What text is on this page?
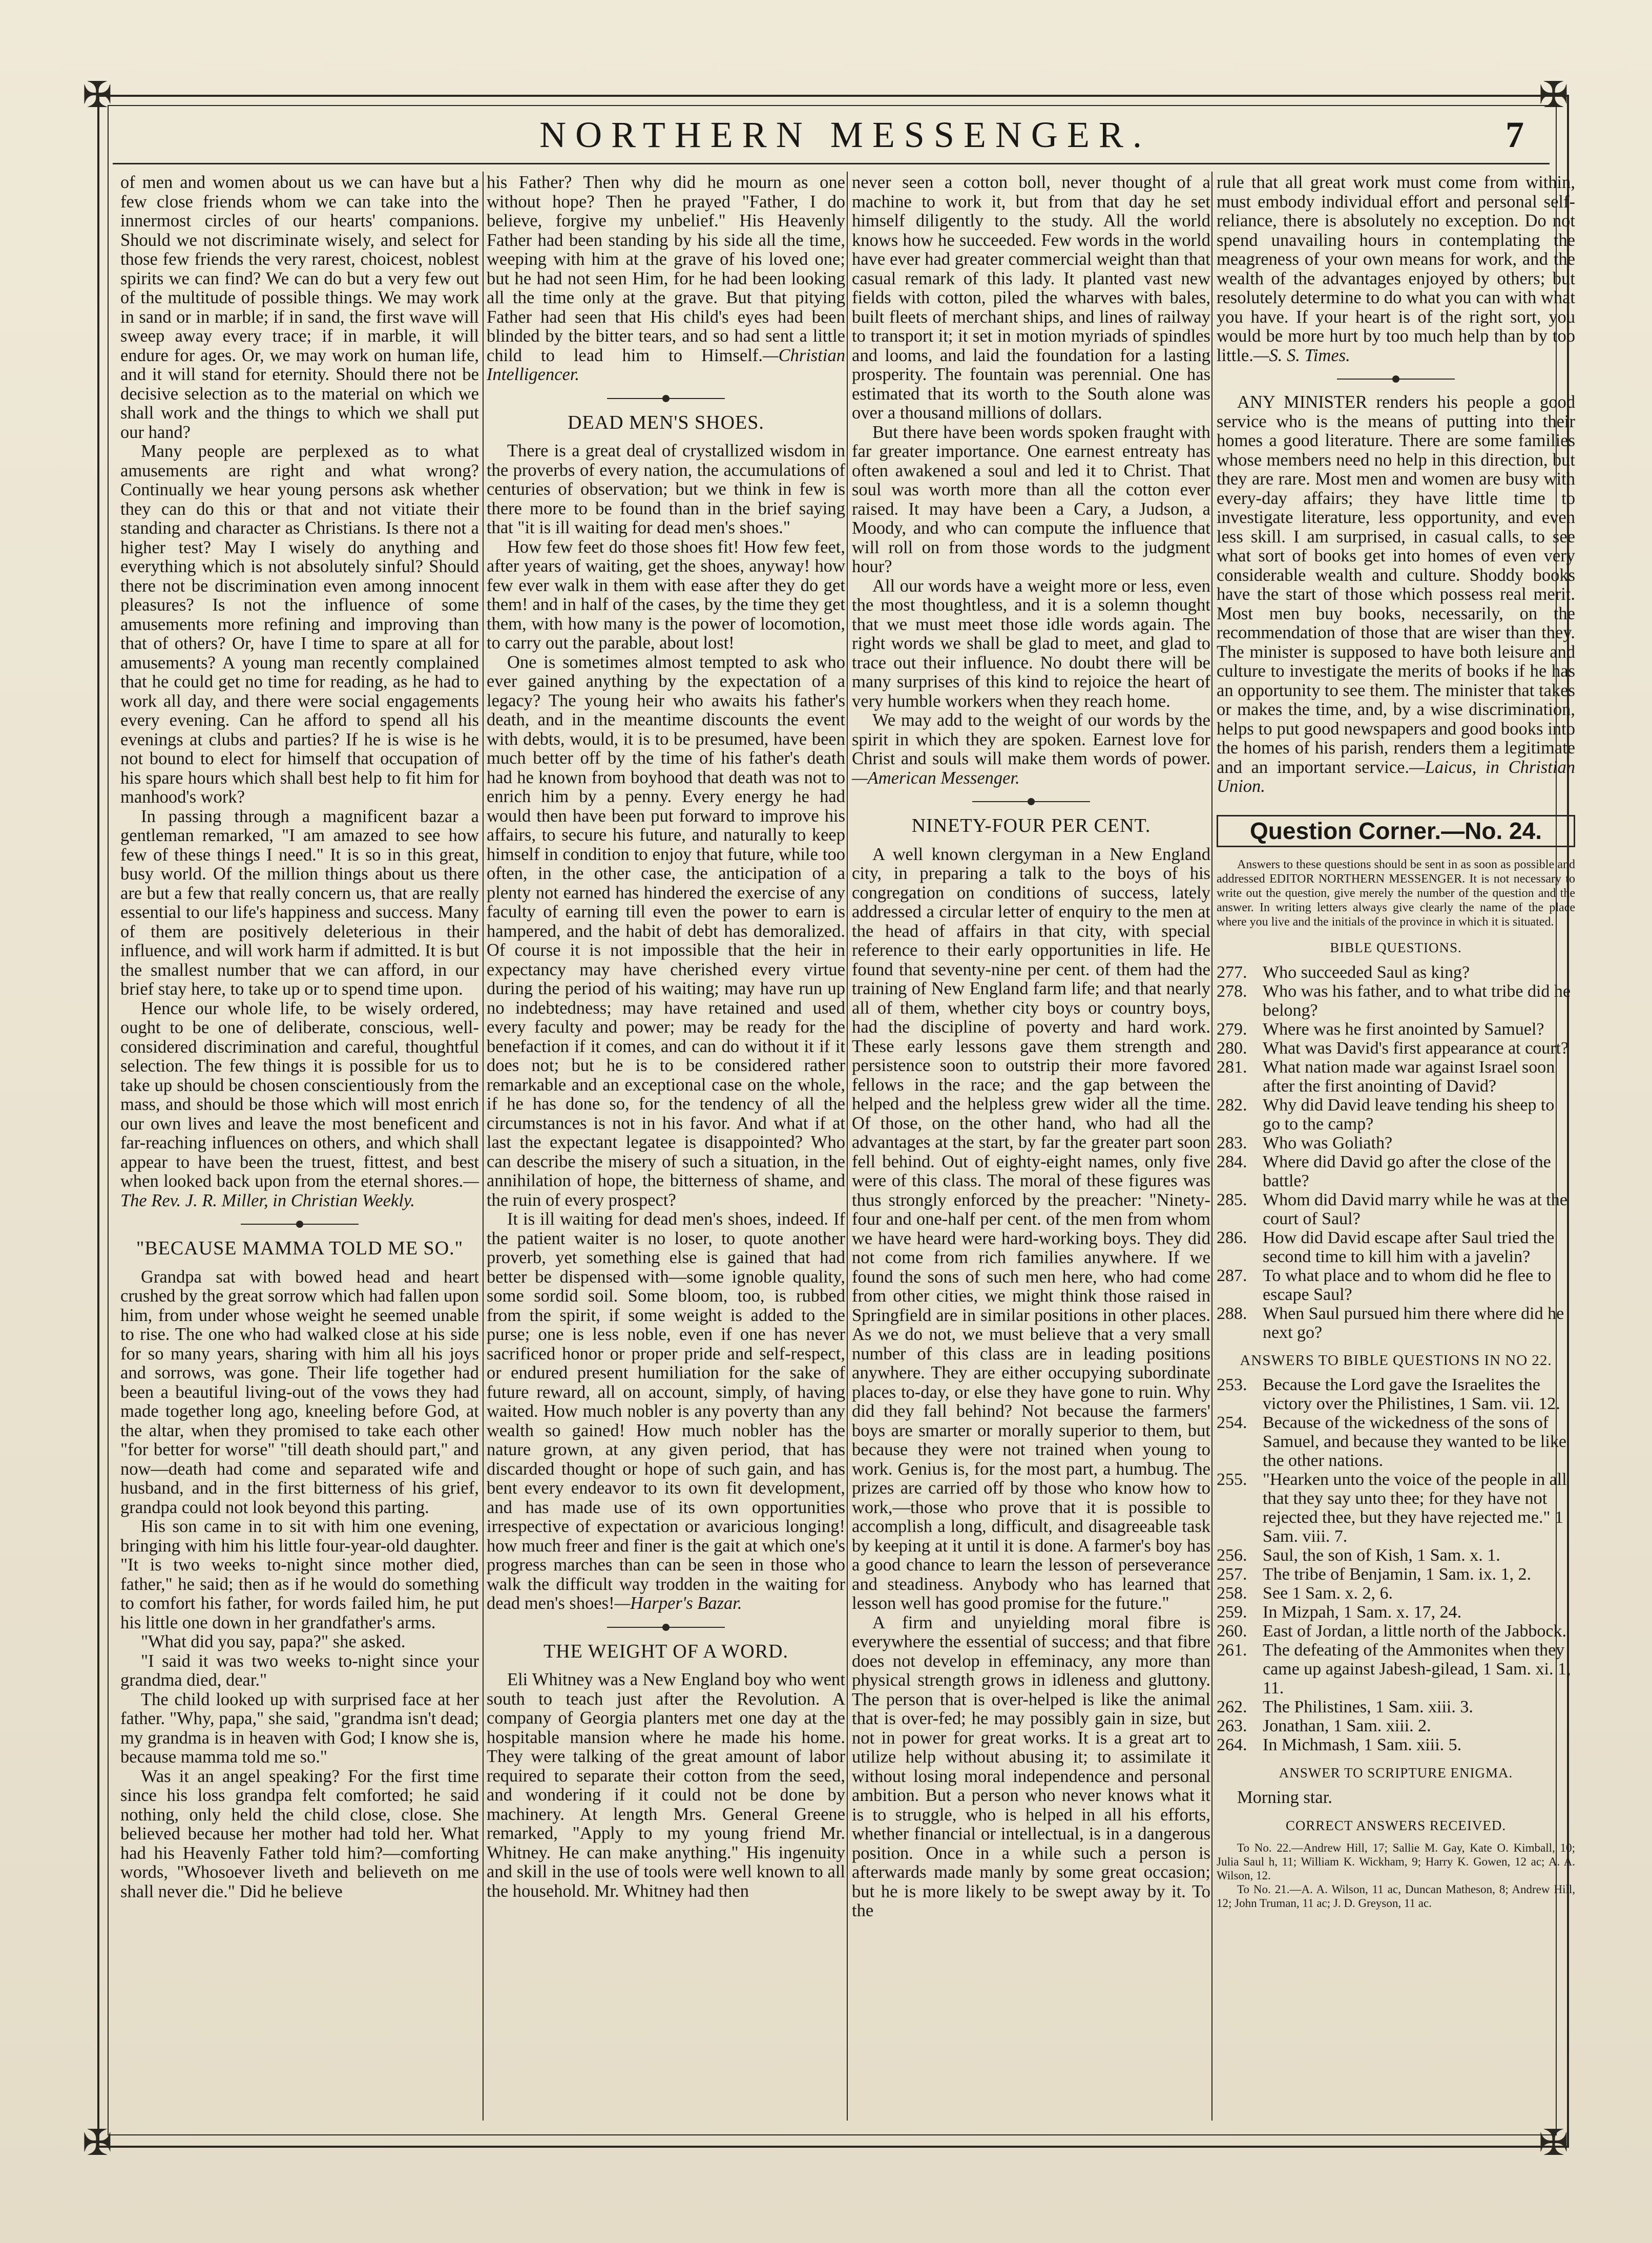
✠	✠
✠	✠
NORTHERN MESSENGER.	7

of men and women about us we can have but a few close friends whom we can take into the innermost circles of our hearts' companions. Should we not discriminate wisely, and select for those few friends the very rarest, choicest, noblest spirits we can find? We can do but a very few out of the multitude of possible things. We may work in sand or in marble; if in sand, the first wave will sweep away every trace; if in marble, it will endure for ages. Or, we may work on human life, and it will stand for eternity. Should there not be decisive selection as to the material on which we shall work and the things to which we shall put our hand?

Many people are perplexed as to what amusements are right and what wrong? Continually we hear young persons ask whether they can do this or that and not vitiate their standing and character as Christians. Is there not a higher test? May I wisely do anything and everything which is not absolutely sinful? Should there not be discrimination even among innocent pleasures? Is not the influence of some amusements more refining and improving than that of others? Or, have I time to spare at all for amusements? A young man recently complained that he could get no time for reading, as he had to work all day, and there were social engagements every evening. Can he afford to spend all his evenings at clubs and parties? If he is wise is he not bound to elect for himself that occupation of his spare hours which shall best help to fit him for manhood's work?

In passing through a magnificent bazar a gentleman remarked, "I am amazed to see how few of these things I need." It is so in this great, busy world. Of the million things about us there are but a few that really concern us, that are really essential to our life's happiness and success. Many of them are positively deleterious in their influence, and will work harm if admitted. It is but the smallest number that we can afford, in our brief stay here, to take up or to spend time upon.

Hence our whole life, to be wisely ordered, ought to be one of deliberate, conscious, well-considered discrimination and careful, thoughtful selection. The few things it is possible for us to take up should be chosen conscientiously from the mass, and should be those which will most enrich our own lives and leave the most beneficent and far-reaching influences on others, and which shall appear to have been the truest, fittest, and best when looked back upon from the eternal shores.—The Rev. J. R. Miller, in Christian Weekly.

"BECAUSE MAMMA TOLD ME SO."

Grandpa sat with bowed head and heart crushed by the great sorrow which had fallen upon him, from under whose weight he seemed unable to rise. The one who had walked close at his side for so many years, sharing with him all his joys and sorrows, was gone. Their life together had been a beautiful living-out of the vows they had made together long ago, kneeling before God, at the altar, when they promised to take each other "for better for worse" "till death should part," and now—death had come and separated wife and husband, and in the first bitterness of his grief, grandpa could not look beyond this parting.

His son came in to sit with him one evening, bringing with him his little four-year-old daughter. "It is two weeks to-night since mother died, father," he said; then as if he would do something to comfort his father, for words failed him, he put his little one down in her grandfather's arms.

"What did you say, papa?" she asked.

"I said it was two weeks to-night since your grandma died, dear."

The child looked up with surprised face at her father. "Why, papa," she said, "grandma isn't dead; my grandma is in heaven with God; I know she is, because mamma told me so."

Was it an angel speaking? For the first time since his loss grandpa felt comforted; he said nothing, only held the child close, close. She believed because her mother had told her. What had his Heavenly Father told him?—comforting words, "Whosoever liveth and believeth on me shall never die." Did he believe

his Father? Then why did he mourn as one without hope? Then he prayed "Father, I do believe, forgive my unbelief." His Heavenly Father had been standing by his side all the time, weeping with him at the grave of his loved one; but he had not seen Him, for he had been looking all the time only at the grave. But that pitying Father had seen that His child's eyes had been blinded by the bitter tears, and so had sent a little child to lead him to Himself.—Christian Intelligencer.

DEAD MEN'S SHOES.

There is a great deal of crystallized wisdom in the proverbs of every nation, the accumulations of centuries of observation; but we think in few is there more to be found than in the brief saying that "it is ill waiting for dead men's shoes."

How few feet do those shoes fit! How few feet, after years of waiting, get the shoes, anyway! how few ever walk in them with ease after they do get them! and in half of the cases, by the time they get them, with how many is the power of locomotion, to carry out the parable, about lost!

One is sometimes almost tempted to ask who ever gained anything by the expectation of a legacy? The young heir who awaits his father's death, and in the meantime discounts the event with debts, would, it is to be presumed, have been much better off by the time of his father's death had he known from boyhood that death was not to enrich him by a penny. Every energy he had would then have been put forward to improve his affairs, to secure his future, and naturally to keep himself in condition to enjoy that future, while too often, in the other case, the anticipation of a plenty not earned has hindered the exercise of any faculty of earning till even the power to earn is hampered, and the habit of debt has demoralized. Of course it is not impossible that the heir in expectancy may have cherished every virtue during the period of his waiting; may have run up no indebtedness; may have retained and used every faculty and power; may be ready for the benefaction if it comes, and can do without it if it does not; but he is to be considered rather remarkable and an exceptional case on the whole, if he has done so, for the tendency of all the circumstances is not in his favor. And what if at last the expectant legatee is disappointed? Who can describe the misery of such a situation, in the annihilation of hope, the bitterness of shame, and the ruin of every prospect?

It is ill waiting for dead men's shoes, indeed. If the patient waiter is no loser, to quote another proverb, yet something else is gained that had better be dispensed with—some ignoble quality, some sordid soil. Some bloom, too, is rubbed from the spirit, if some weight is added to the purse; one is less noble, even if one has never sacrificed honor or proper pride and self-respect, or endured present humiliation for the sake of future reward, all on account, simply, of having waited. How much nobler is any poverty than any wealth so gained! How much nobler has the nature grown, at any given period, that has discarded thought or hope of such gain, and has bent every endeavor to its own fit development, and has made use of its own opportunities irrespective of expectation or avaricious longing! how much freer and finer is the gait at which one's progress marches than can be seen in those who walk the difficult way trodden in the waiting for dead men's shoes!—Harper's Bazar.

THE WEIGHT OF A WORD.

Eli Whitney was a New England boy who went south to teach just after the Revolution. A company of Georgia planters met one day at the hospitable mansion where he made his home. They were talking of the great amount of labor required to separate their cotton from the seed, and wondering if it could not be done by machinery. At length Mrs. General Greene remarked, "Apply to my young friend Mr. Whitney. He can make anything." His ingenuity and skill in the use of tools were well known to all the household. Mr. Whitney had then

never seen a cotton boll, never thought of a machine to work it, but from that day he set himself diligently to the study. All the world knows how he succeeded. Few words in the world have ever had greater commercial weight than that casual remark of this lady. It planted vast new fields with cotton, piled the wharves with bales, built fleets of merchant ships, and lines of railway to transport it; it set in motion myriads of spindles and looms, and laid the foundation for a lasting prosperity. The fountain was perennial. One has estimated that its worth to the South alone was over a thousand millions of dollars.

But there have been words spoken fraught with far greater importance. One earnest entreaty has often awakened a soul and led it to Christ. That soul was worth more than all the cotton ever raised. It may have been a Cary, a Judson, a Moody, and who can compute the influence that will roll on from those words to the judgment hour?

All our words have a weight more or less, even the most thoughtless, and it is a solemn thought that we must meet those idle words again. The right words we shall be glad to meet, and glad to trace out their influence. No doubt there will be many surprises of this kind to rejoice the heart of very humble workers when they reach home.

We may add to the weight of our words by the spirit in which they are spoken. Earnest love for Christ and souls will make them words of power.—American Messenger.

NINETY-FOUR PER CENT.

A well known clergyman in a New England city, in preparing a talk to the boys of his congregation on conditions of success, lately addressed a circular letter of enquiry to the men at the head of affairs in that city, with special reference to their early opportunities in life. He found that seventy-nine per cent. of them had the training of New England farm life; and that nearly all of them, whether city boys or country boys, had the discipline of poverty and hard work. These early lessons gave them strength and persistence soon to outstrip their more favored fellows in the race; and the gap between the helped and the helpless grew wider all the time. Of those, on the other hand, who had all the advantages at the start, by far the greater part soon fell behind. Out of eighty-eight names, only five were of this class. The moral of these figures was thus strongly enforced by the preacher: "Ninety-four and one-half per cent. of the men from whom we have heard were hard-working boys. They did not come from rich families anywhere. If we found the sons of such men here, who had come from other cities, we might think those raised in Springfield are in similar positions in other places. As we do not, we must believe that a very small number of this class are in leading positions anywhere. They are either occupying subordinate places to-day, or else they have gone to ruin. Why did they fall behind? Not because the farmers' boys are smarter or morally superior to them, but because they were not trained when young to work. Genius is, for the most part, a humbug. The prizes are carried off by those who know how to work,—those who prove that it is possible to accomplish a long, difficult, and disagreeable task by keeping at it until it is done. A farmer's boy has a good chance to learn the lesson of perseverance and steadiness. Anybody who has learned that lesson well has good promise for the future."

A firm and unyielding moral fibre is everywhere the essential of success; and that fibre does not develop in effeminacy, any more than physical strength grows in idleness and gluttony. The person that is over-helped is like the animal that is over-fed; he may possibly gain in size, but not in power for great works. It is a great art to utilize help without abusing it; to assimilate it without losing moral independence and personal ambition. But a person who never knows what it is to struggle, who is helped in all his efforts, whether financial or intellectual, is in a dangerous position. Once in a while such a person is afterwards made manly by some great occasion; but he is more likely to be swept away by it. To the

rule that all great work must come from within, must embody individual effort and personal self-reliance, there is absolutely no exception. Do not spend unavailing hours in contemplating the meagreness of your own means for work, and the wealth of the advantages enjoyed by others; but resolutely determine to do what you can with what you have. If your heart is of the right sort, you would be more hurt by too much help than by too little.—S. S. Times.

ANY MINISTER renders his people a good service who is the means of putting into their homes a good literature. There are some families whose members need no help in this direction, but they are rare. Most men and women are busy with every-day affairs; they have little time to investigate literature, less opportunity, and even less skill. I am surprised, in casual calls, to see what sort of books get into homes of even very considerable wealth and culture. Shoddy books have the start of those which possess real merit. Most men buy books, necessarily, on the recommendation of those that are wiser than they. The minister is supposed to have both leisure and culture to investigate the merits of books if he has an opportunity to see them. The minister that takes or makes the time, and, by a wise discrimination, helps to put good newspapers and good books into the homes of his parish, renders them a legitimate and an important service.—Laicus, in Christian Union.

Question Corner.—No. 24.

Answers to these questions should be sent in as soon as possible and addressed EDITOR NORTHERN MESSENGER. It is not necessary to write out the question, give merely the number of the question and the answer. In writing letters always give clearly the name of the place where you live and the initials of the province in which it is situated.

BIBLE QUESTIONS.
277. Who succeeded Saul as king?
278. Who was his father, and to what tribe did he belong?
279. Where was he first anointed by Samuel?
280. What was David's first appearance at court?
281. What nation made war against Israel soon after the first anointing of David?
282. Why did David leave tending his sheep to go to the camp?
283. Who was Goliath?
284. Where did David go after the close of the battle?
285. Whom did David marry while he was at the court of Saul?
286. How did David escape after Saul tried the second time to kill him with a javelin?
287. To what place and to whom did he flee to escape Saul?
288. When Saul pursued him there where did he next go?
ANSWERS TO BIBLE QUESTIONS IN NO 22.
253. Because the Lord gave the Israelites the victory over the Philistines, 1 Sam. vii. 12.
254. Because of the wickedness of the sons of Samuel, and because they wanted to be like the other nations.
255. "Hearken unto the voice of the people in all that they say unto thee; for they have not rejected thee, but they have rejected me." 1 Sam. viii. 7.
256. Saul, the son of Kish, 1 Sam. x. 1.
257. The tribe of Benjamin, 1 Sam. ix. 1, 2.
258. See 1 Sam. x. 2, 6.
259. In Mizpah, 1 Sam. x. 17, 24.
260. East of Jordan, a little north of the Jabbock.
261. The defeating of the Ammonites when they came up against Jabesh-gilead, 1 Sam. xi. 1, 11.
262. The Philistines, 1 Sam. xiii. 3.
263. Jonathan, 1 Sam. xiii. 2.
264. In Michmash, 1 Sam. xiii. 5.
ANSWER TO SCRIPTURE ENIGMA.

Morning star.

CORRECT ANSWERS RECEIVED.

To No. 22.—Andrew Hill, 17; Sallie M. Gay, Kate O. Kimball, 10; Julia Saul h, 11; William K. Wickham, 9; Harry K. Gowen, 12 ac; A. A. Wilson, 12.

To No. 21.—A. A. Wilson, 11 ac, Duncan Matheson, 8; Andrew Hill, 12; John Truman, 11 ac; J. D. Greyson, 11 ac.
